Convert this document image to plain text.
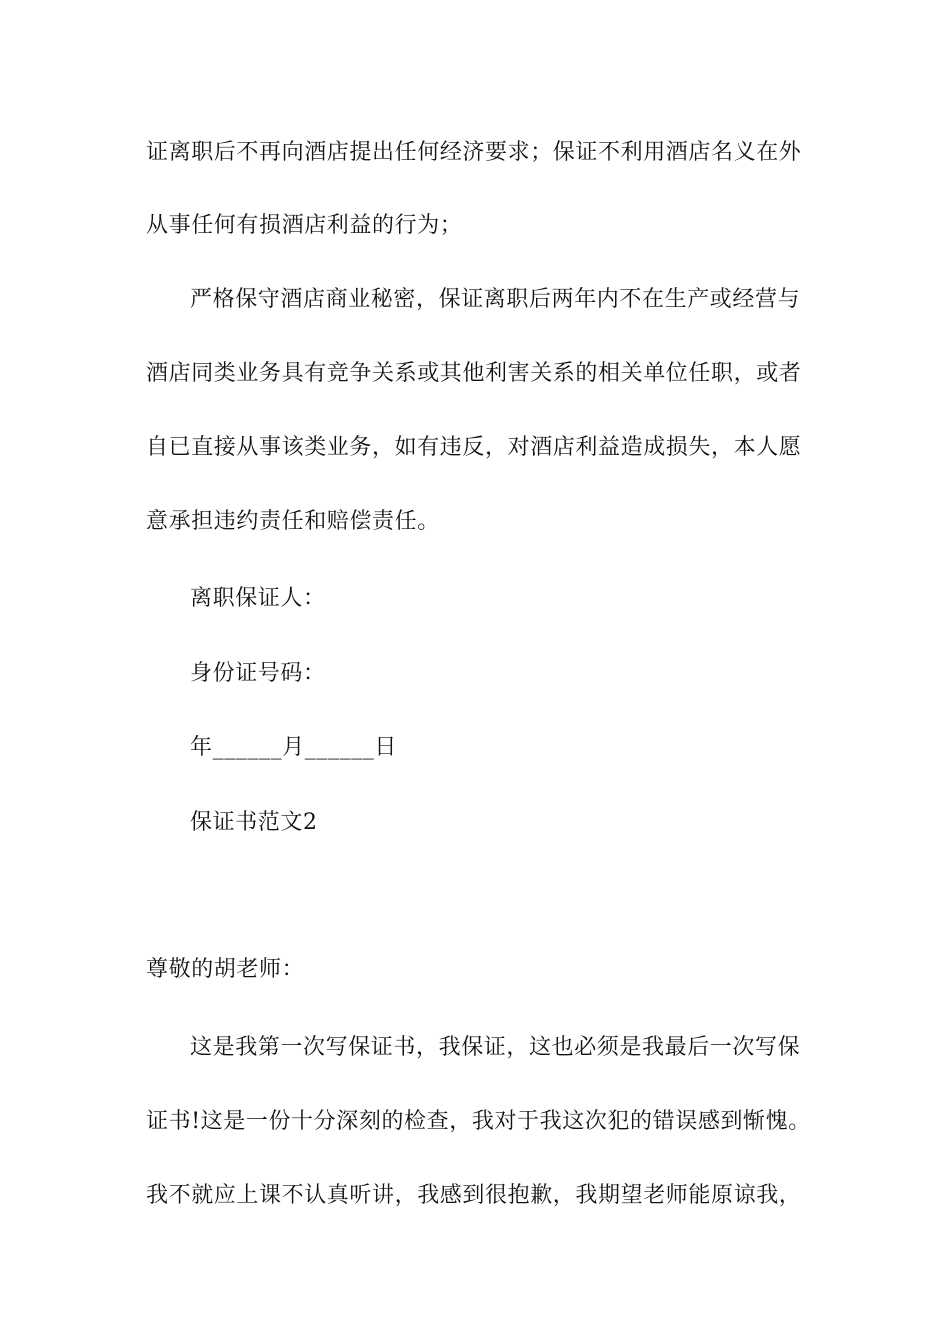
证离职后不再向酒店提出任何经济要求；保证不利用酒店名义在外
从事任何有损酒店利益的行为；
严格保守酒店商业秘密，保证离职后两年内不在生产或经营与
酒店同类业务具有竞争关系或其他利害关系的相关单位任职，或者
自已直接从事该类业务，如有违反，对酒店利益造成损失，本人愿
意承担违约责任和赔偿责任。
离职保证人：
身份证号码：
年______月______日
保证书范文2
尊敬的胡老师：
这是我第一次写保证书，我保证，这也必须是我最后一次写保
证书!这是一份十分深刻的检查，我对于我这次犯的错误感到惭愧。
我不就应上课不认真听讲，我感到很抱歉，我期望老师能原谅我，
